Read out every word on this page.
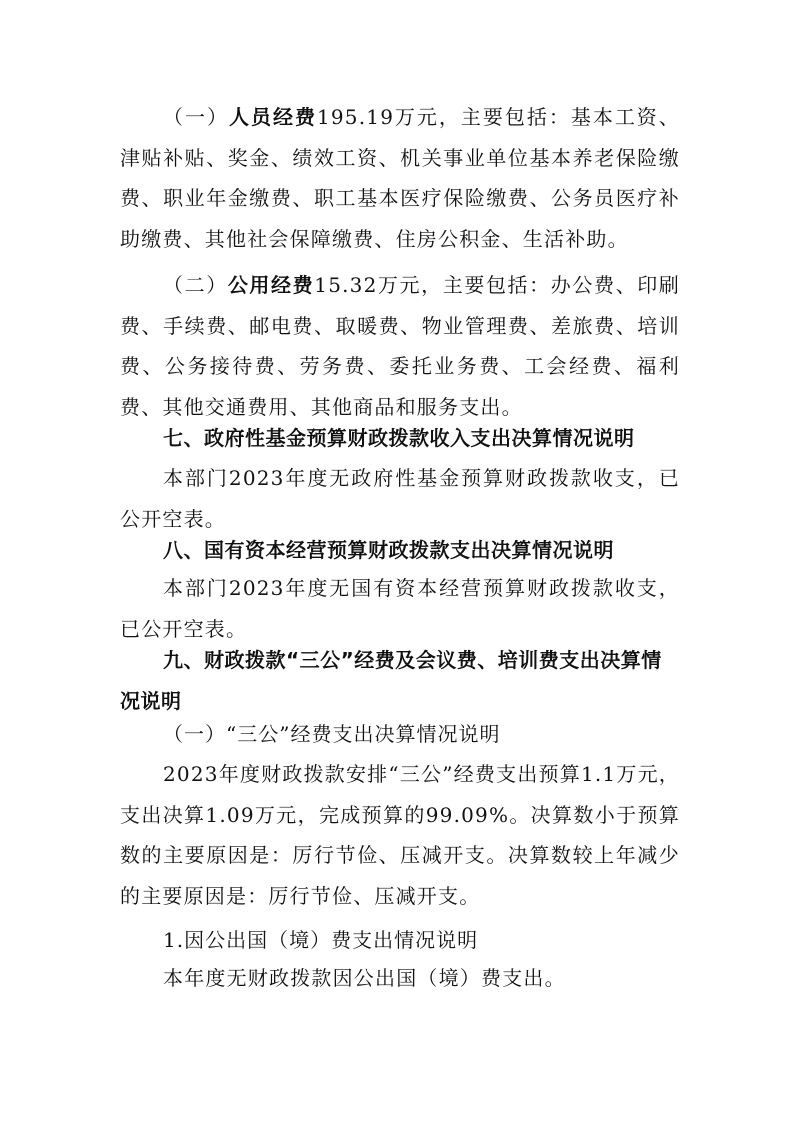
（一）人员经费195.19万元，主要包括：基本工资、津贴补贴、奖金、绩效工资、机关事业单位基本养老保险缴费、职业年金缴费、职工基本医疗保险缴费、公务员医疗补助缴费、其他社会保障缴费、住房公积金、生活补助。

（二）公用经费15.32万元，主要包括：办公费、印刷费、手续费、邮电费、取暖费、物业管理费、差旅费、培训费、公务接待费、劳务费、委托业务费、工会经费、福利费、其他交通费用、其他商品和服务支出。

七、政府性基金预算财政拨款收入支出决算情况说明

本部门2023年度无政府性基金预算财政拨款收支，已公开空表。

八、国有资本经营预算财政拨款支出决算情况说明

本部门2023年度无国有资本经营预算财政拨款收支，已公开空表。

九、财政拨款“三公”经费及会议费、培训费支出决算情况说明

（一）“三公”经费支出决算情况说明

2023年度财政拨款安排“三公”经费支出预算1.1万元，支出决算1.09万元，完成预算的99.09%。决算数小于预算数的主要原因是：厉行节俭、压减开支。决算数较上年减少的主要原因是：厉行节俭、压减开支。

1.因公出国（境）费支出情况说明

本年度无财政拨款因公出国（境）费支出。
